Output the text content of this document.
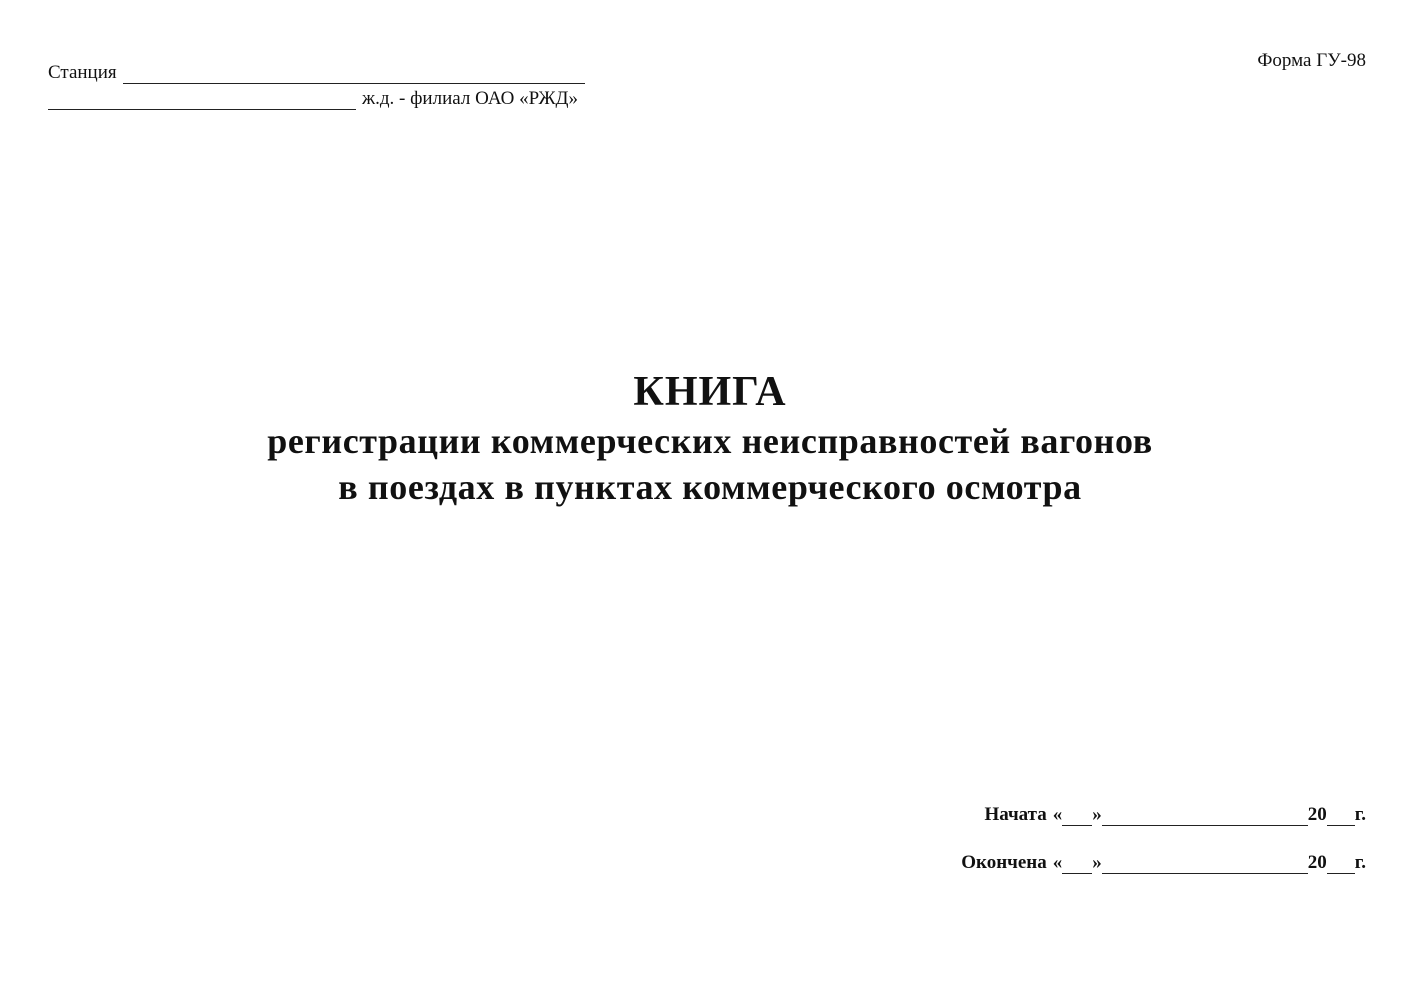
Станция
ж.д. - филиал ОАО «РЖД»
Форма ГУ-98
КНИГА
регистрации коммерческих неисправностей вагонов
в поездах в пунктах коммерческого осмотра
Начата « »	20 г.
Окончена « »	20 г.
